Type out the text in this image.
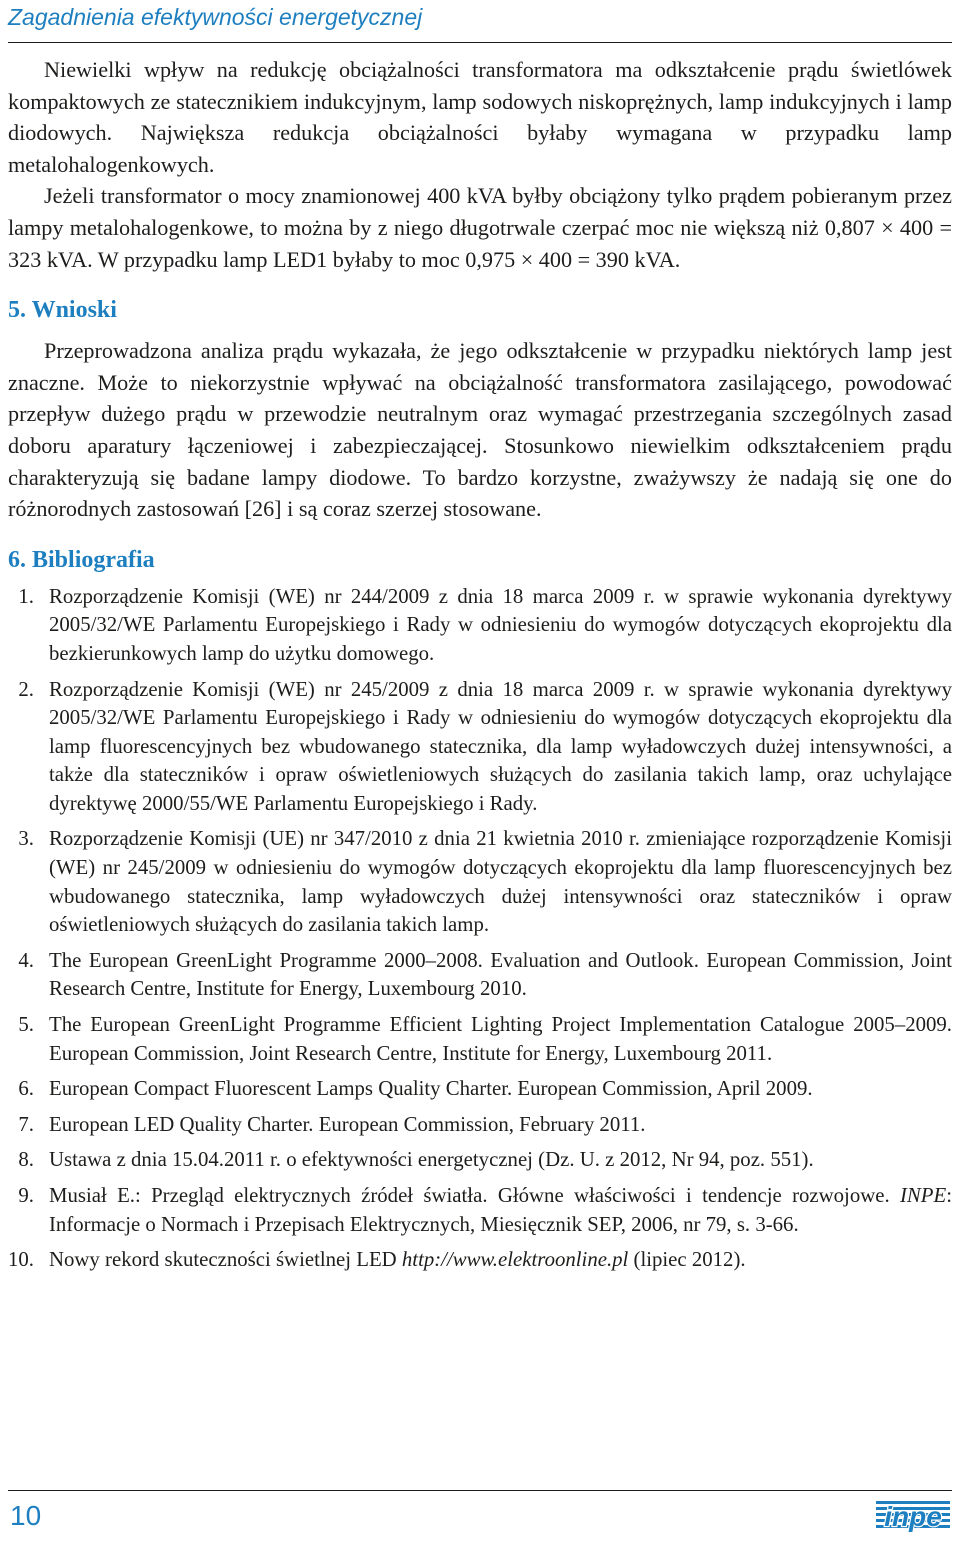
Zagadnienia efektywności energetycznej

Niewielki wpływ na redukcję obciążalności transformatora ma odkształcenie prądu świetlówek kompaktowych ze statecznikiem indukcyjnym, lamp sodowych niskoprężnych, lamp indukcyjnych i lamp diodowych. Największa redukcja obciążalności byłaby wymagana w przypadku lamp metalohalogenkowych.

Jeżeli transformator o mocy znamionowej 400 kVA byłby obciążony tylko prądem pobieranym przez lampy metalohalogenkowe, to można by z niego długotrwale czerpać moc nie większą niż 0,807 × 400 = 323 kVA. W przypadku lamp LED1 byłaby to moc 0,975 × 400 = 390 kVA.

5. Wnioski

Przeprowadzona analiza prądu wykazała, że jego odkształcenie w przypadku niektórych lamp jest znaczne. Może to niekorzystnie wpływać na obciążalność transformatora zasilającego, powodować przepływ dużego prądu w przewodzie neutralnym oraz wymagać przestrzegania szczególnych zasad doboru aparatury łączeniowej i zabezpieczającej. Stosunkowo niewielkim odkształceniem prądu charakteryzują się badane lampy diodowe. To bardzo korzystne, zważywszy że nadają się one do różnorodnych zastosowań [26] i są coraz szerzej stosowane.

6. Bibliografia
1. Rozporządzenie Komisji (WE) nr 244/2009 z dnia 18 marca 2009 r. w sprawie wykonania dyrektywy 2005/32/WE Parlamentu Europejskiego i Rady w odniesieniu do wymogów dotyczących ekoprojektu dla bezkierunkowych lamp do użytku domowego.
2. Rozporządzenie Komisji (WE) nr 245/2009 z dnia 18 marca 2009 r. w sprawie wykonania dyrektywy 2005/32/WE Parlamentu Europejskiego i Rady w odniesieniu do wymogów dotyczących ekoprojektu dla lamp fluorescencyjnych bez wbudowanego statecznika, dla lamp wyładowczych dużej intensywności, a także dla stateczników i opraw oświetleniowych służących do zasilania takich lamp, oraz uchylające dyrektywę 2000/55/WE Parlamentu Europejskiego i Rady.
3. Rozporządzenie Komisji (UE) nr 347/2010 z dnia 21 kwietnia 2010 r. zmieniające rozporządzenie Komisji (WE) nr 245/2009 w odniesieniu do wymogów dotyczących ekoprojektu dla lamp fluorescencyjnych bez wbudowanego statecznika, lamp wyładowczych dużej intensywności oraz stateczników i opraw oświetleniowych służących do zasilania takich lamp.
4. The European GreenLight Programme 2000–2008. Evaluation and Outlook. European Commission, Joint Research Centre, Institute for Energy, Luxembourg 2010.
5. The European GreenLight Programme Efficient Lighting Project Implementation Catalogue 2005–2009. European Commission, Joint Research Centre, Institute for Energy, Luxembourg 2011.
6. European Compact Fluorescent Lamps Quality Charter. European Commission, April 2009.
7. European LED Quality Charter. European Commission, February 2011.
8. Ustawa z dnia 15.04.2011 r. o efektywności energetycznej (Dz. U. z 2012, Nr 94, poz. 551).
9. Musiał E.: Przegląd elektrycznych źródeł światła. Główne właściwości i tendencje rozwojowe. INPE: Informacje o Normach i Przepisach Elektrycznych, Miesięcznik SEP, 2006, nr 79, s. 3-66.
10. Nowy rekord skuteczności świetlnej LED http://www.elektroonline.pl (lipiec 2012).
10	inpe
